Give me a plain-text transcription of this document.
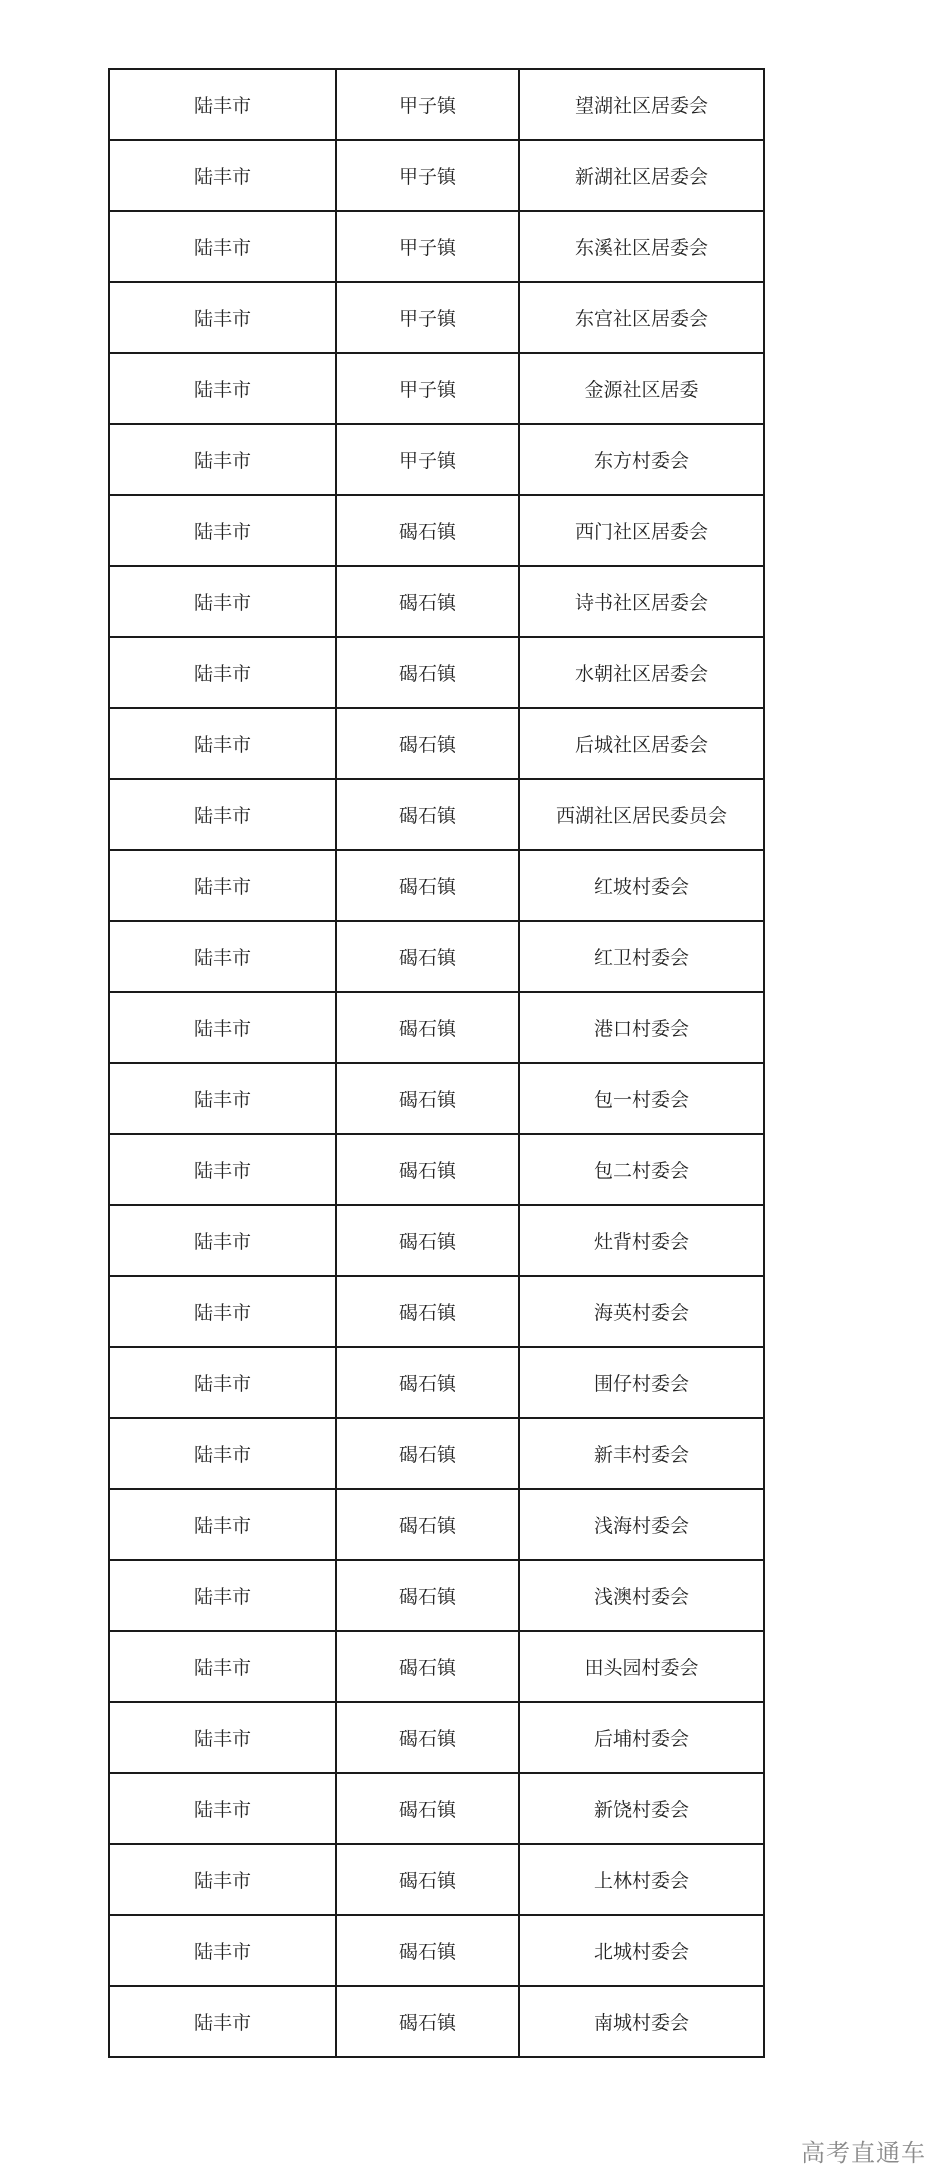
陆丰市	甲子镇	望湖社区居委会
陆丰市	甲子镇	新湖社区居委会
陆丰市	甲子镇	东溪社区居委会
陆丰市	甲子镇	东宫社区居委会
陆丰市	甲子镇	金源社区居委
陆丰市	甲子镇	东方村委会
陆丰市	碣石镇	西门社区居委会
陆丰市	碣石镇	诗书社区居委会
陆丰市	碣石镇	水朝社区居委会
陆丰市	碣石镇	后城社区居委会
陆丰市	碣石镇	西湖社区居民委员会
陆丰市	碣石镇	红坡村委会
陆丰市	碣石镇	红卫村委会
陆丰市	碣石镇	港口村委会
陆丰市	碣石镇	包一村委会
陆丰市	碣石镇	包二村委会
陆丰市	碣石镇	灶背村委会
陆丰市	碣石镇	海英村委会
陆丰市	碣石镇	围仔村委会
陆丰市	碣石镇	新丰村委会
陆丰市	碣石镇	浅海村委会
陆丰市	碣石镇	浅澳村委会
陆丰市	碣石镇	田头园村委会
陆丰市	碣石镇	后埔村委会
陆丰市	碣石镇	新饶村委会
陆丰市	碣石镇	上林村委会
陆丰市	碣石镇	北城村委会
陆丰市	碣石镇	南城村委会
高考直通车
